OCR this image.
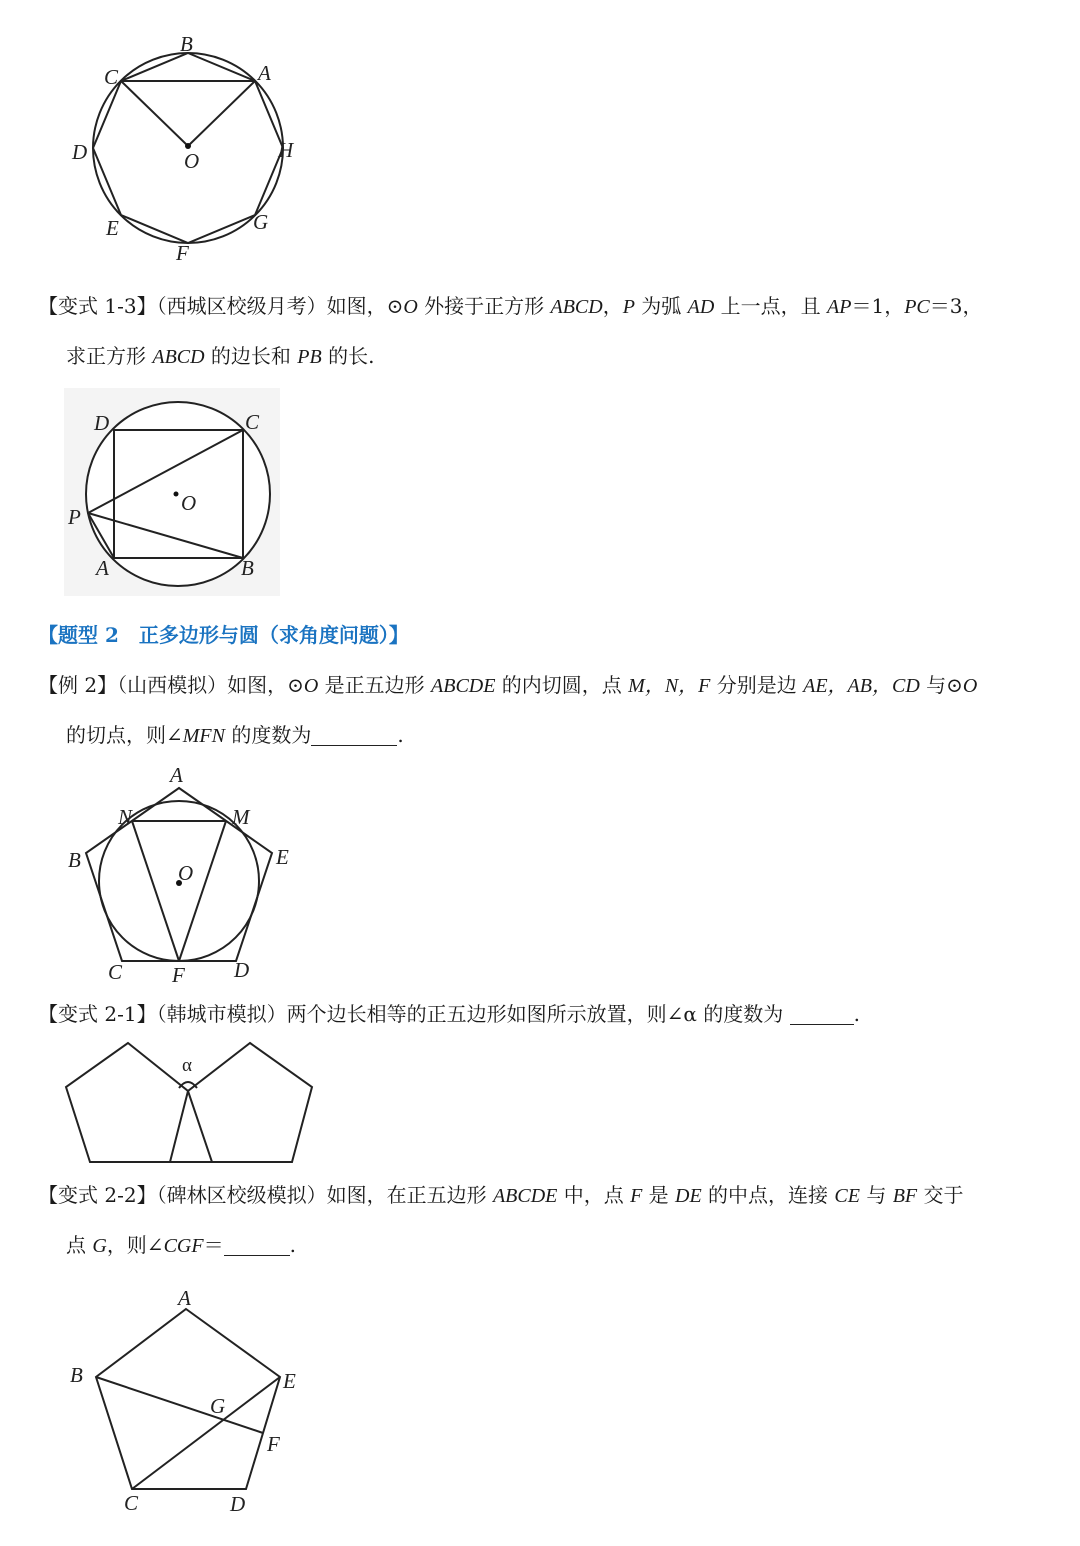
B
A
C
D	H
O
E	G
F

【变式 1-3】（西城区校级月考）如图，⊙O 外接于正方形 ABCD，P 为弧 AD 上一点，且 AP＝1，PC＝3，
求正方形 ABCD 的边长和 PB 的长.

D	C
O
P
A	B
【题型 2 正多边形与圆（求角度问题）】

【例 2】（山西模拟）如图，⊙O 是正五边形 ABCDE 的内切圆，点 M，N，F 分别是边 AE，AB，CD 与⊙O
的切点，则∠MFN 的度数为	.

A
N	M
O
B	E
C F D

【变式 2-1】（韩城市模拟）两个边长相等的正五边形如图所示放置，则∠α 的度数为	.

α

【变式 2-2】（碑林区校级模拟）如图，在正五边形 ABCDE 中，点 F 是 DE 的中点，连接 CE 与 BF 交于
点 G，则∠CGF＝	.

A
B	E
G
F
C	D
